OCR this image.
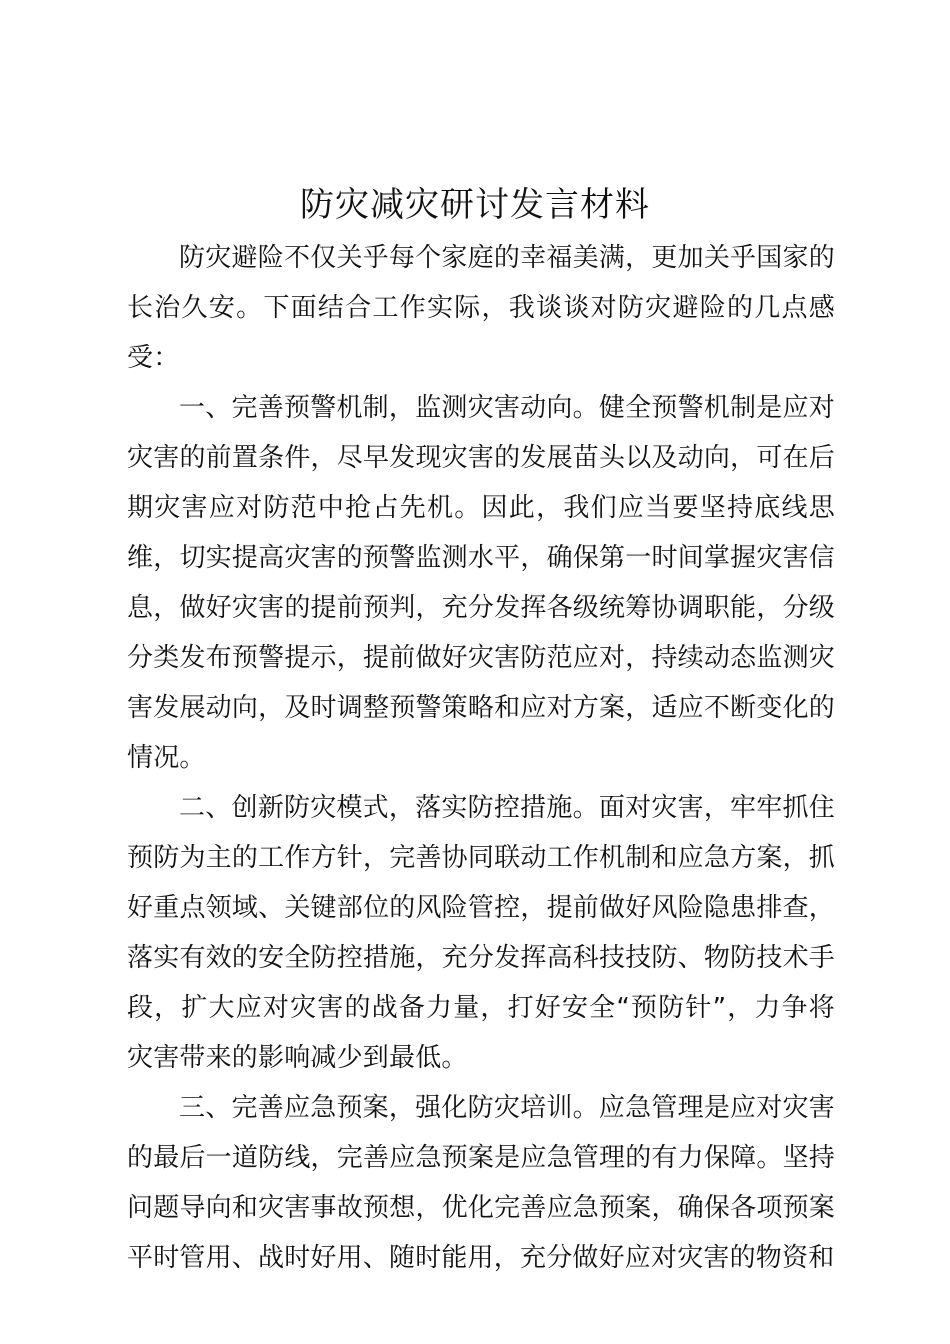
防灾减灾研讨发言材料

防灾避险不仅关乎每个家庭的幸福美满，更加关乎国家的长治久安。下面结合工作实际，我谈谈对防灾避险的几点感受：

一、完善预警机制，监测灾害动向。健全预警机制是应对灾害的前置条件，尽早发现灾害的发展苗头以及动向，可在后期灾害应对防范中抢占先机。因此，我们应当要坚持底线思维，切实提高灾害的预警监测水平，确保第一时间掌握灾害信息，做好灾害的提前预判，充分发挥各级统筹协调职能，分级分类发布预警提示，提前做好灾害防范应对，持续动态监测灾害发展动向，及时调整预警策略和应对方案，适应不断变化的情况。

二、创新防灾模式，落实防控措施。面对灾害，牢牢抓住预防为主的工作方针，完善协同联动工作机制和应急方案，抓好重点领域、关键部位的风险管控，提前做好风险隐患排查，落实有效的安全防控措施，充分发挥高科技技防、物防技术手段，扩大应对灾害的战备力量，打好安全“预防针”，力争将灾害带来的影响减少到最低。

三、完善应急预案，强化防灾培训。应急管理是应对灾害的最后一道防线，完善应急预案是应急管理的有力保障。坚持问题导向和灾害事故预想，优化完善应急预案，确保各项预案平时管用、战时好用、随时能用，充分做好应对灾害的物资和
